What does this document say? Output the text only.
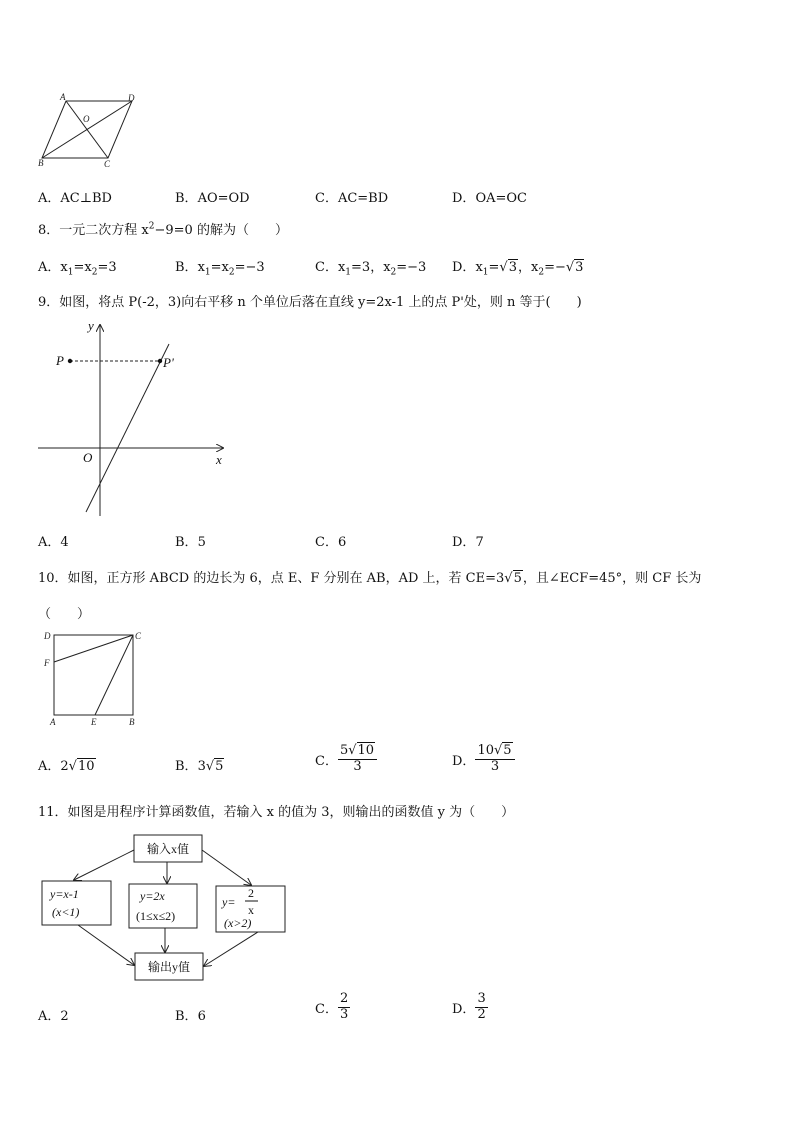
A	D
O
B	C
A．AC⊥BD	B．AO=OD	C．AC=BD	D．OA=OC
8．一元二次方程 $x^2-9=0$ 的解为（　　）
A．$x_1=x_2=3$	B．$x_1=x_2=-3$	C．$x_1=3$，$x_2=-3$ D．$x_1=√3$，$x_2=-√3$
9．如图，将点 P(-2，3)向右平移 n 个单位后落在直线 y=2x-1 上的点 P'处，则 n 等于(　　)
y
x
O
P	P'
A．4	B．5	C．6	D．7
10．如图，正方形 ABCD 的边长为 6，点 E、F 分别在 AB，AD 上，若 CE=3√5，且∠ECF=45°，则 CF 长为
（　　）
D	C
F
A	E	B
A．2√10	B．3√5	C． $\frac{5√10}{3}$	D． $\frac{10√5}{3}$
11．如图是用程序计算函数值，若输入 x 的值为 3，则输出的函数值 y 为（　　）
输入x值
y=x-1
(x<1)
y=2x
(1≤x≤2)
y=
2
x
(x>2)
输出y值
A．2	B．6	C． $\frac{2}{3}$	D． $\frac{3}{2}$
